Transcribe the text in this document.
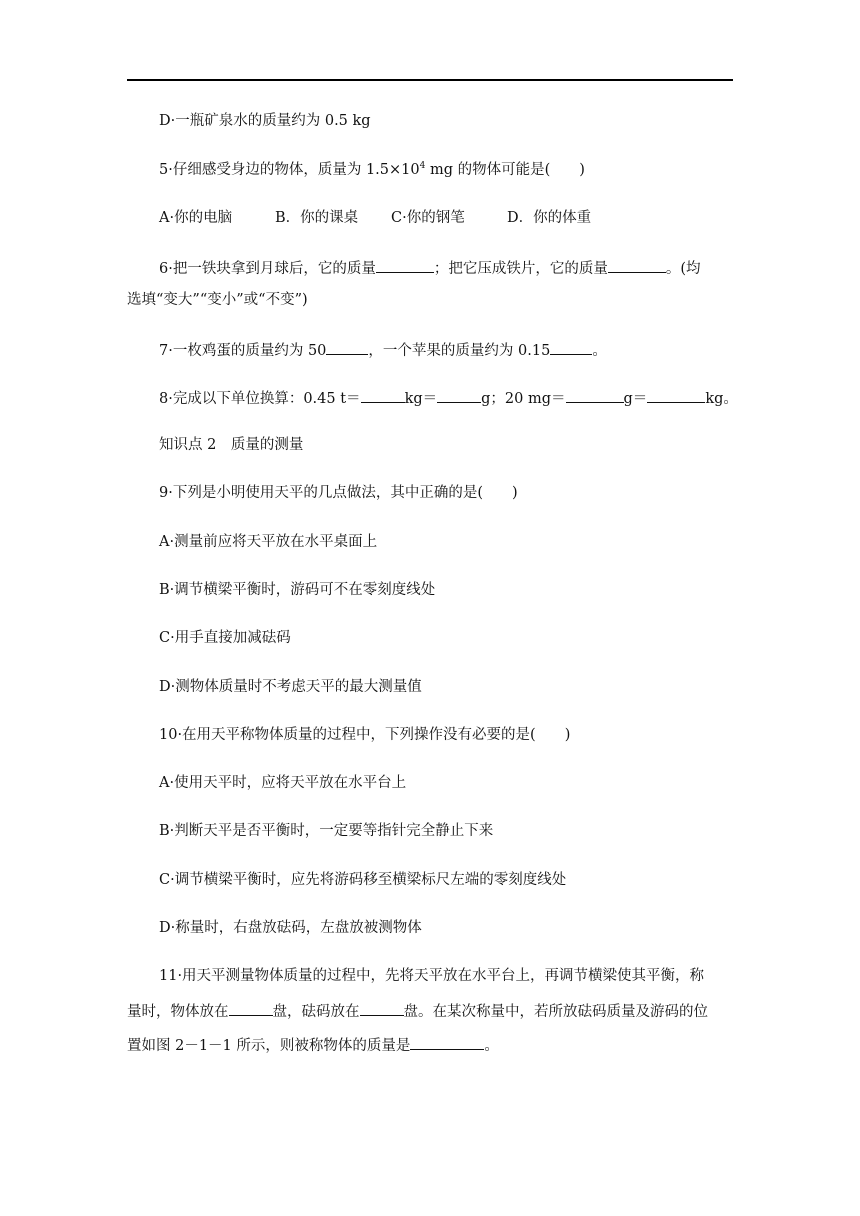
D·一瓶矿泉水的质量约为 0.5 kg
5·仔细感受身边的物体，质量为 $1.5\times 10^4$ mg 的物体可能是(　　)
A·你的电脑	B．你的课桌 C·你的钢笔	D．你的体重
6·把一铁块拿到月球后，它的质量	；把它压成铁片，它的质量	。(均
选填“变大”“变小”或“不变”)
7·一枚鸡蛋的质量约为 50	，一个苹果的质量约为 0.15	。
8·完成以下单位换算：0.45 t＝	kg＝	g；20 mg＝	g＝	kg。
知识点 2　质量的测量
9·下列是小明使用天平的几点做法，其中正确的是(　　)
A·测量前应将天平放在水平桌面上
B·调节横梁平衡时，游码可不在零刻度线处
C·用手直接加减砝码
D·测物体质量时不考虑天平的最大测量值
10·在用天平称物体质量的过程中，下列操作没有必要的是(　　)
A·使用天平时，应将天平放在水平台上
B·判断天平是否平衡时，一定要等指针完全静止下来
C·调节横梁平衡时，应先将游码移至横梁标尺左端的零刻度线处
D·称量时，右盘放砝码，左盘放被测物体
11·用天平测量物体质量的过程中，先将天平放在水平台上，再调节横梁使其平衡，称
量时，物体放在	盘，砝码放在	盘。在某次称量中，若所放砝码质量及游码的位
置如图 2－1－1 所示，则被称物体的质量是	。
